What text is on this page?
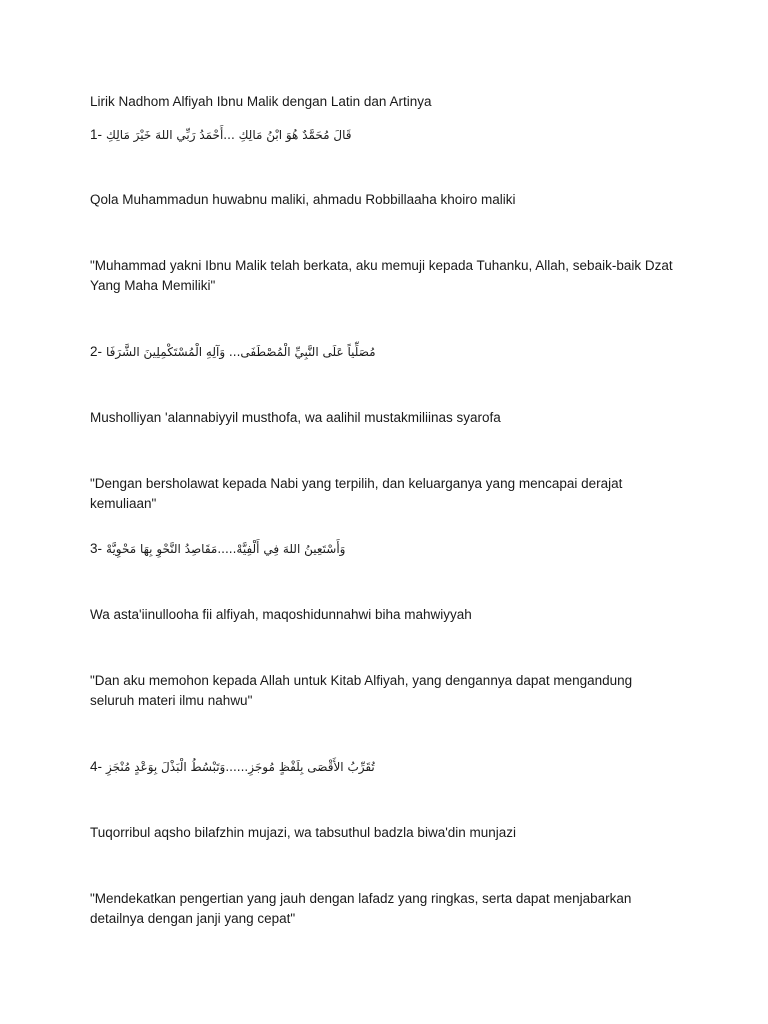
Lirik Nadhom Alfiyah Ibnu Malik dengan Latin dan Artinya

1- قَالَ مُحَمَّدٌ هُوَ ابْنُ مَالِكِ ...أَحْمَدُ رَبِّي اللهَ خَيْرَ مَالِكِ

Qola Muhammadun huwabnu maliki, ahmadu Robbillaaha khoiro maliki

"Muhammad yakni Ibnu Malik telah berkata, aku memuji kepada Tuhanku, Allah, sebaik-baik Dzat Yang Maha Memiliki"

2- مُصَلِّياً عَلَى النَّبِيِّ الْمُصْطَفَى... وَآلِهِ الْمُسْتَكْمِلِينَ الشَّرَفَا

Musholliyan 'alannabiyyil musthofa, wa aalihil mustakmiliinas syarofa

"Dengan bersholawat kepada Nabi yang terpilih, dan keluarganya yang mencapai derajat kemuliaan"

3- وَأَسْتَعِينُ اللهَ فِي أَلْفِيَّهْ.....مَقَاصِدُ النَّحْوِ بِهَا مَحْوِيَّهْ

Wa asta'iinullooha fii alfiyah, maqoshidunnahwi biha mahwiyyah

"Dan aku memohon kepada Allah untuk Kitab Alfiyah, yang dengannya dapat mengandung seluruh materi ilmu nahwu"

4- تُقَرِّبُ الأَقْصَى بِلَفْظٍ مُوجَزِ......وَتَبْسُطُ الْبَذْلَ بِوَعْدٍ مُنْجَزِ

Tuqorribul aqsho bilafzhin mujazi, wa tabsuthul badzla biwa'din munjazi

"Mendekatkan pengertian yang jauh dengan lafadz yang ringkas, serta dapat menjabarkan detailnya dengan janji yang cepat"
